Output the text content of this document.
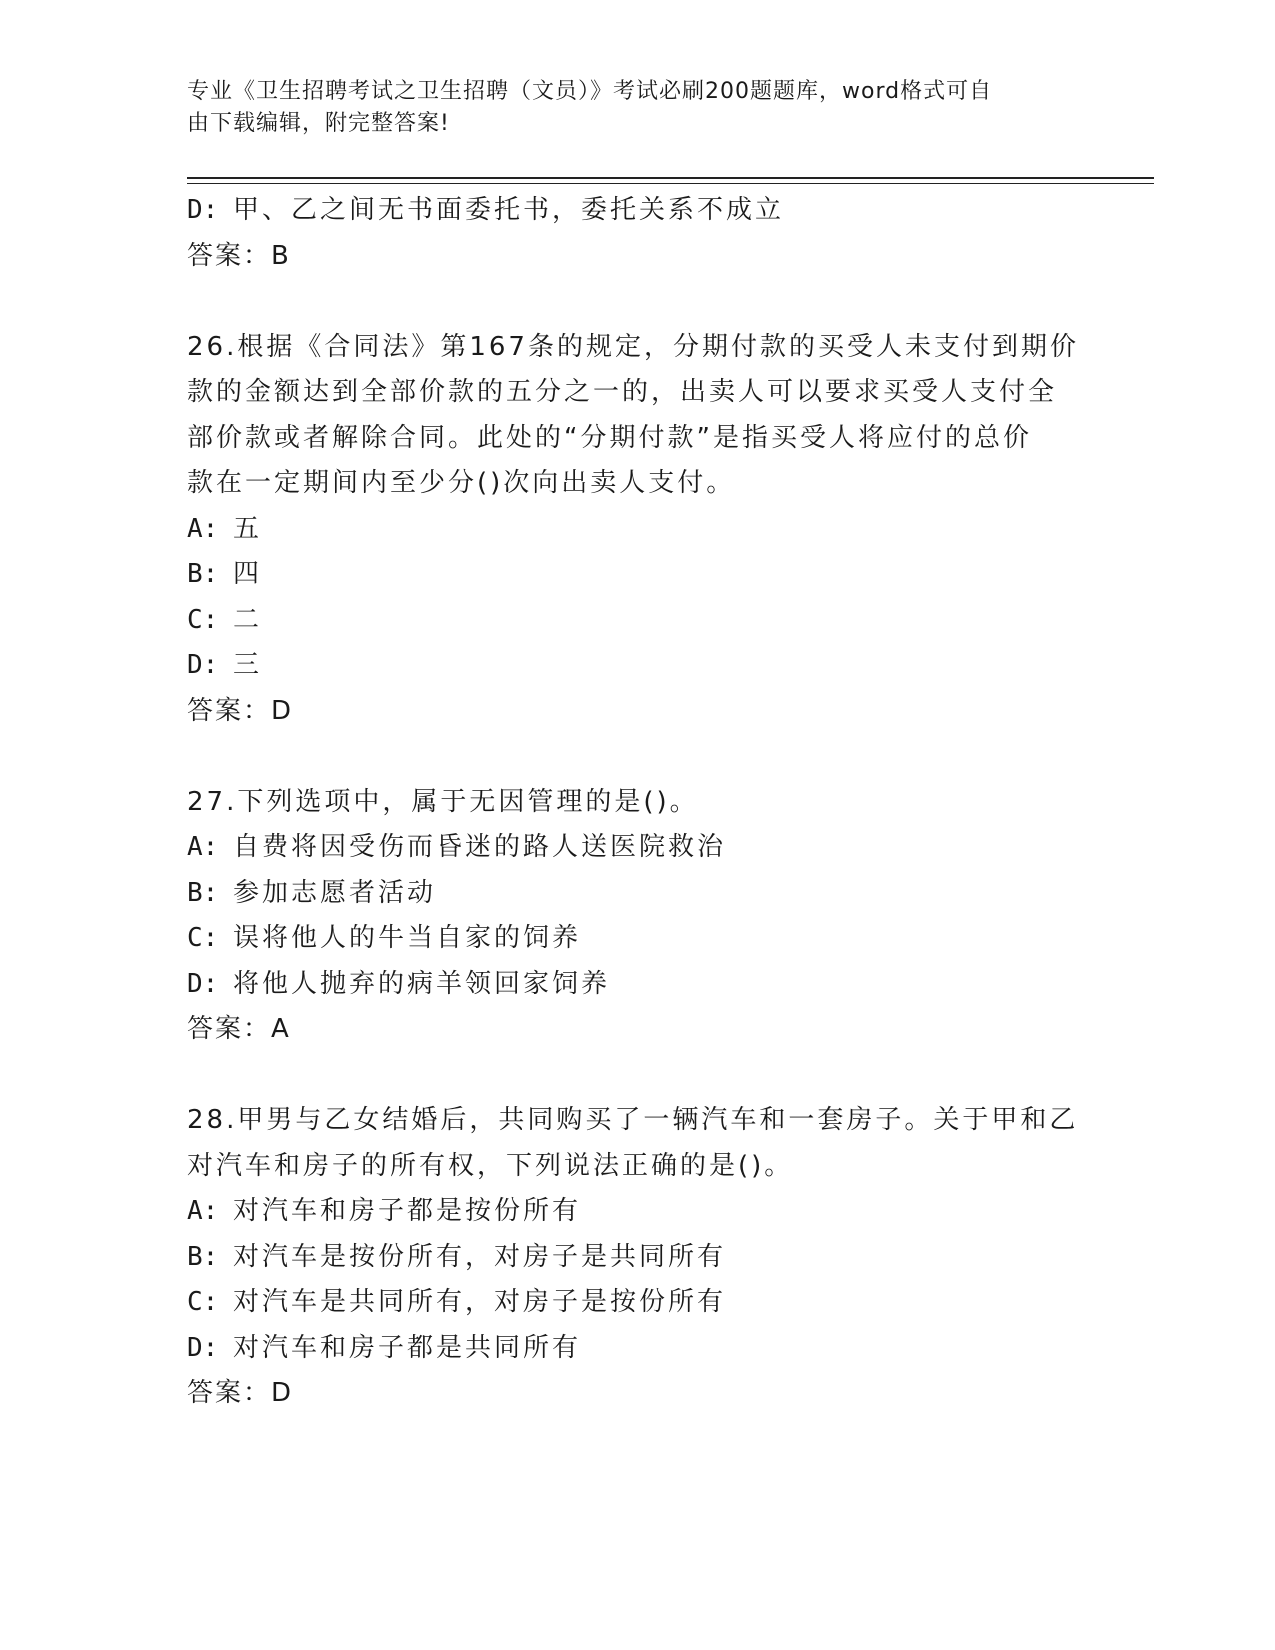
专业《卫生招聘考试之卫生招聘（文员）》考试必刷200题题库，word格式可自
由下载编辑，附完整答案!
D: 甲、乙之间无书面委托书，委托关系不成立
答案：B
26.根据《合同法》第167条的规定，分期付款的买受人未支付到期价
款的金额达到全部价款的五分之一的，出卖人可以要求买受人支付全
部价款或者解除合同。此处的“分期付款”是指买受人将应付的总价
款在一定期间内至少分()次向出卖人支付。
A: 五
B: 四
C: 二
D: 三
答案：D
27.下列选项中，属于无因管理的是()。
A: 自费将因受伤而昏迷的路人送医院救治
B: 参加志愿者活动
C: 误将他人的牛当自家的饲养
D: 将他人抛弃的病羊领回家饲养
答案：A
28.甲男与乙女结婚后，共同购买了一辆汽车和一套房子。关于甲和乙
对汽车和房子的所有权，下列说法正确的是()。
A: 对汽车和房子都是按份所有
B: 对汽车是按份所有，对房子是共同所有
C: 对汽车是共同所有，对房子是按份所有
D: 对汽车和房子都是共同所有
答案：D
